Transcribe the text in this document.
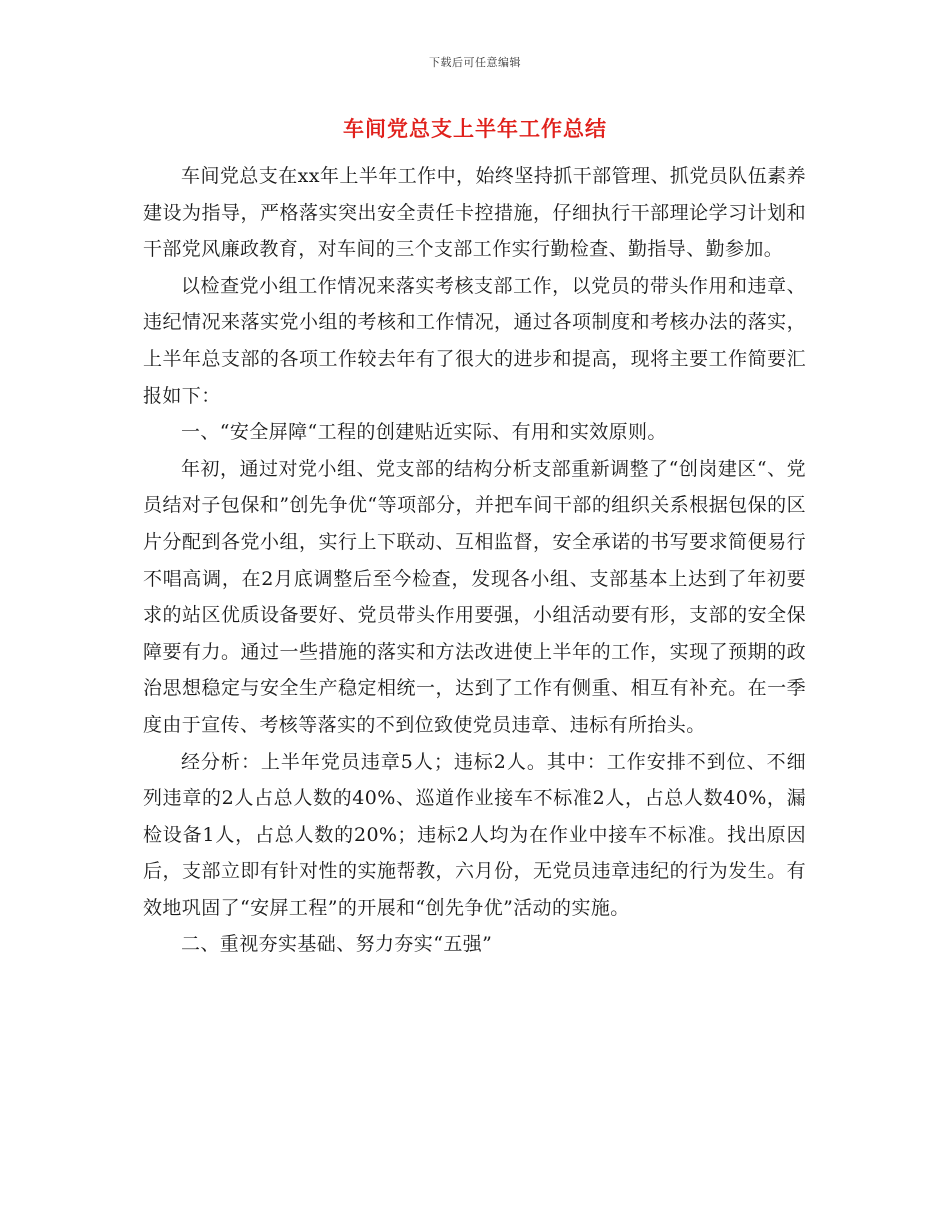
下载后可任意编辑
车间党总支上半年工作总结

车间党总支在xx年上半年工作中，始终坚持抓干部管理、抓党员队伍素养建设为指导，严格落实突出安全责任卡控措施，仔细执行干部理论学习计划和干部党风廉政教育，对车间的三个支部工作实行勤检查、勤指导、勤参加。

以检查党小组工作情况来落实考核支部工作，以党员的带头作用和违章、违纪情况来落实党小组的考核和工作情况，通过各项制度和考核办法的落实，上半年总支部的各项工作较去年有了很大的进步和提高，现将主要工作简要汇报如下：

一、“安全屏障“工程的创建贴近实际、有用和实效原则。

年初，通过对党小组、党支部的结构分析支部重新调整了“创岗建区“、党员结对子包保和”创先争优“等项部分，并把车间干部的组织关系根据包保的区片分配到各党小组，实行上下联动、互相监督，安全承诺的书写要求简便易行不唱高调，在2月底调整后至今检查，发现各小组、支部基本上达到了年初要求的站区优质设备要好、党员带头作用要强，小组活动要有形，支部的安全保障要有力。通过一些措施的落实和方法改进使上半年的工作，实现了预期的政治思想稳定与安全生产稳定相统一，达到了工作有侧重、相互有补充。在一季度由于宣传、考核等落实的不到位致使党员违章、违标有所抬头。

经分析：上半年党员违章5人；违标2人。其中：工作安排不到位、不细列违章的2人占总人数的40%、巡道作业接车不标准2人，占总人数40%，漏检设备1人，占总人数的20%；违标2人均为在作业中接车不标准。找出原因后，支部立即有针对性的实施帮教，六月份，无党员违章违纪的行为发生。有效地巩固了“安屏工程”的开展和“创先争优”活动的实施。

二、重视夯实基础、努力夯实“五强”
